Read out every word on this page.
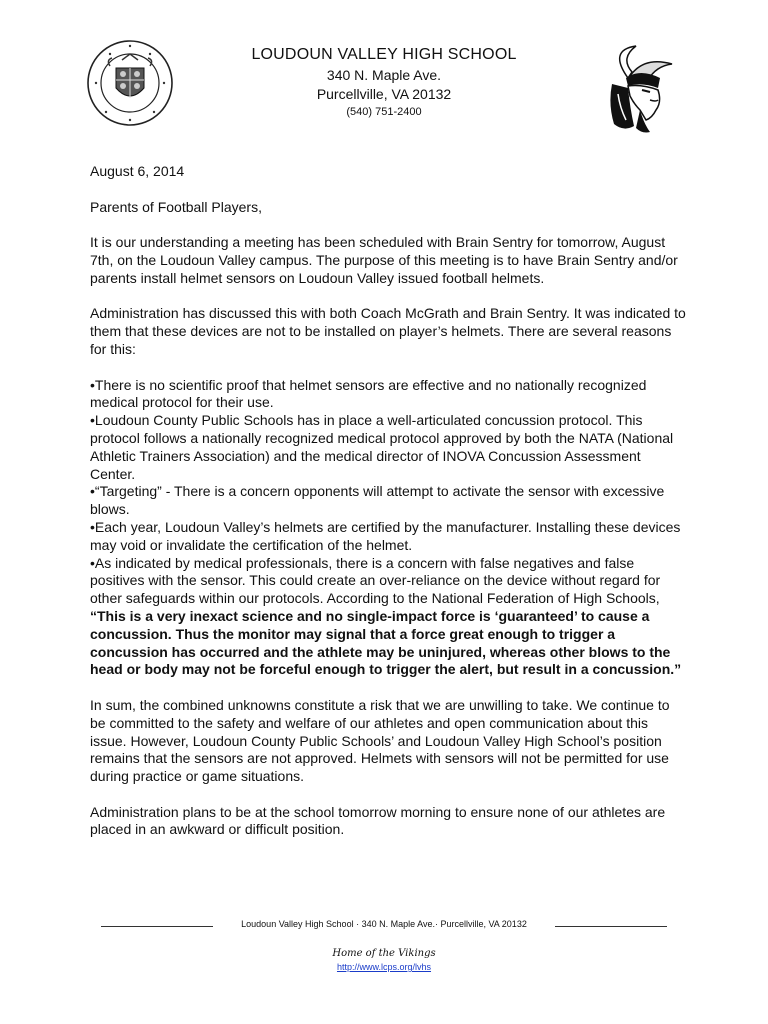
LOUDOUN VALLEY HIGH SCHOOL
340 N. Maple Ave.
Purcellville, VA 20132
(540) 751-2400

August 6, 2014

Parents of Football Players,

It is our understanding a meeting has been scheduled with Brain Sentry for tomorrow, August 7th, on the Loudoun Valley campus. The purpose of this meeting is to have Brain Sentry and/or parents install helmet sensors on Loudoun Valley issued football helmets.

Administration has discussed this with both Coach McGrath and Brain Sentry. It was indicated to them that these devices are not to be installed on player’s helmets. There are several reasons for this:

•There is no scientific proof that helmet sensors are effective and no nationally recognized medical protocol for their use.

•Loudoun County Public Schools has in place a well-articulated concussion protocol. This protocol follows a nationally recognized medical protocol approved by both the NATA (National Athletic Trainers Association) and the medical director of INOVA Concussion Assessment Center.

•“Targeting” - There is a concern opponents will attempt to activate the sensor with excessive blows.

•Each year, Loudoun Valley’s helmets are certified by the manufacturer. Installing these devices may void or invalidate the certification of the helmet.

•As indicated by medical professionals, there is a concern with false negatives and false positives with the sensor. This could create an over-reliance on the device without regard for other safeguards within our protocols. According to the National Federation of High Schools, “This is a very inexact science and no single-impact force is ‘guaranteed’ to cause a concussion. Thus the monitor may signal that a force great enough to trigger a concussion has occurred and the athlete may be uninjured, whereas other blows to the head or body may not be forceful enough to trigger the alert, but result in a concussion.”

In sum, the combined unknowns constitute a risk that we are unwilling to take. We continue to be committed to the safety and welfare of our athletes and open communication about this issue. However, Loudoun County Public Schools’ and Loudoun Valley High School’s position remains that the sensors are not approved. Helmets with sensors will not be permitted for use during practice or game situations.

Administration plans to be at the school tomorrow morning to ensure none of our athletes are placed in an awkward or difficult position.

Loudoun Valley High School · 340 N. Maple Ave.· Purcellville, VA 20132
Home of the Vikings
http://www.lcps.org/lvhs
